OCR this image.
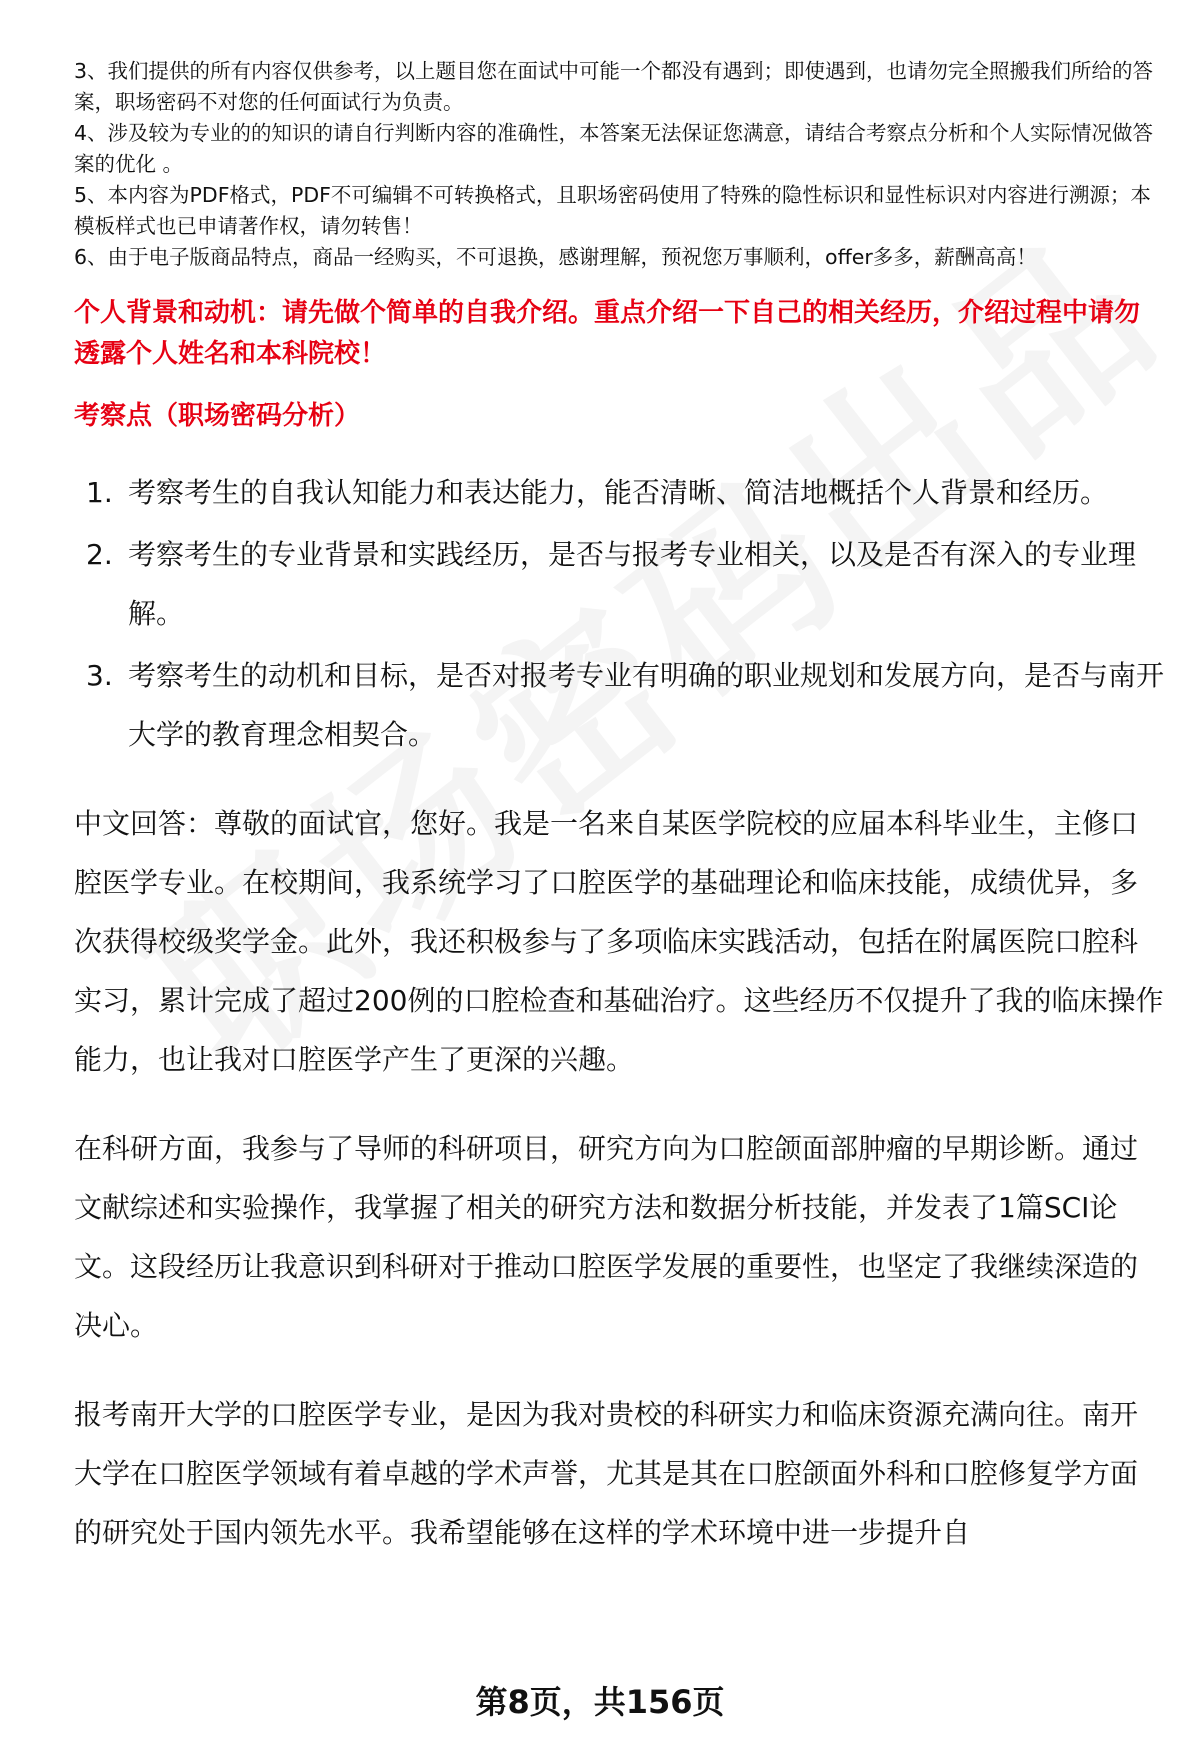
3、我们提供的所有内容仅供参考，以上题目您在面试中可能一个都没有遇到；即使遇到，也请勿完全照搬我们所给的答案，职场密码不对您的任何面试行为负责。
4、涉及较为专业的的知识的请自行判断内容的准确性，本答案无法保证您满意，请结合考察点分析和个人实际情况做答案的优化 。
5、本内容为PDF格式，PDF不可编辑不可转换格式，且职场密码使用了特殊的隐性标识和显性标识对内容进行溯源；本模板样式也已申请著作权，请勿转售！
6、由于电子版商品特点，商品一经购买，不可退换，感谢理解，预祝您万事顺利，offer多多，薪酬高高！
个人背景和动机：请先做个简单的自我介绍。重点介绍一下自己的相关经历，介绍过程中请勿透露个人姓名和本科院校！
考察点（职场密码分析）
1. 考察考生的自我认知能力和表达能力，能否清晰、简洁地概括个人背景和经历。
2. 考察考生的专业背景和实践经历，是否与报考专业相关，以及是否有深入的专业理解。
3. 考察考生的动机和目标，是否对报考专业有明确的职业规划和发展方向，是否与南开大学的教育理念相契合。

中文回答：尊敬的面试官，您好。我是一名来自某医学院校的应届本科毕业生，主修口腔医学专业。在校期间，我系统学习了口腔医学的基础理论和临床技能，成绩优异，多次获得校级奖学金。此外，我还积极参与了多项临床实践活动，包括在附属医院口腔科实习，累计完成了超过200例的口腔检查和基础治疗。这些经历不仅提升了我的临床操作能力，也让我对口腔医学产生了更深的兴趣。

在科研方面，我参与了导师的科研项目，研究方向为口腔颌面部肿瘤的早期诊断。通过文献综述和实验操作，我掌握了相关的研究方法和数据分析技能，并发表了1篇SCI论文。这段经历让我意识到科研对于推动口腔医学发展的重要性，也坚定了我继续深造的决心。

报考南开大学的口腔医学专业，是因为我对贵校的科研实力和临床资源充满向往。南开大学在口腔医学领域有着卓越的学术声誉，尤其是其在口腔颌面外科和口腔修复学方面的研究处于国内领先水平。我希望能够在这样的学术环境中进一步提升自

第8页，共156页
